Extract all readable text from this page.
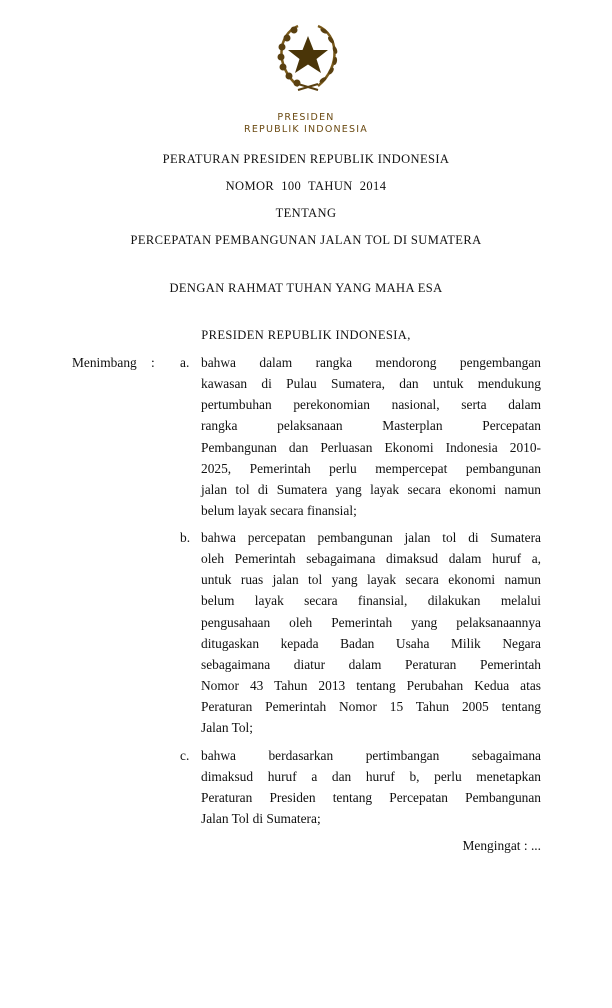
PRESIDEN
REPUBLIK INDONESIA
PERATURAN PRESIDEN REPUBLIK INDONESIA
NOMOR  100  TAHUN  2014
TENTANG
PERCEPATAN PEMBANGUNAN JALAN TOL DI SUMATERA
DENGAN RAHMAT TUHAN YANG MAHA ESA
PRESIDEN REPUBLIK INDONESIA,
Menimbang : a. bahwa dalam rangka mendorong pengembangan
kawasan di Pulau Sumatera, dan untuk mendukung
pertumbuhan perekonomian nasional, serta dalam
rangka pelaksanaan Masterplan Percepatan
Pembangunan dan Perluasan Ekonomi Indonesia 2010-
2025, Pemerintah perlu mempercepat pembangunan
jalan tol di Sumatera yang layak secara ekonomi namun
belum layak secara finansial;
b. bahwa percepatan pembangunan jalan tol di Sumatera
oleh Pemerintah sebagaimana dimaksud dalam huruf a,
untuk ruas jalan tol yang layak secara ekonomi namun
belum layak secara finansial, dilakukan melalui
pengusahaan oleh Pemerintah yang pelaksanaannya
ditugaskan kepada Badan Usaha Milik Negara
sebagaimana diatur dalam Peraturan Pemerintah
Nomor 43 Tahun 2013 tentang Perubahan Kedua atas
Peraturan Pemerintah Nomor 15 Tahun 2005 tentang
Jalan Tol;
c. bahwa berdasarkan pertimbangan sebagaimana
dimaksud huruf a dan huruf b, perlu menetapkan
Peraturan Presiden tentang Percepatan Pembangunan
Jalan Tol di Sumatera;
Mengingat : ...
